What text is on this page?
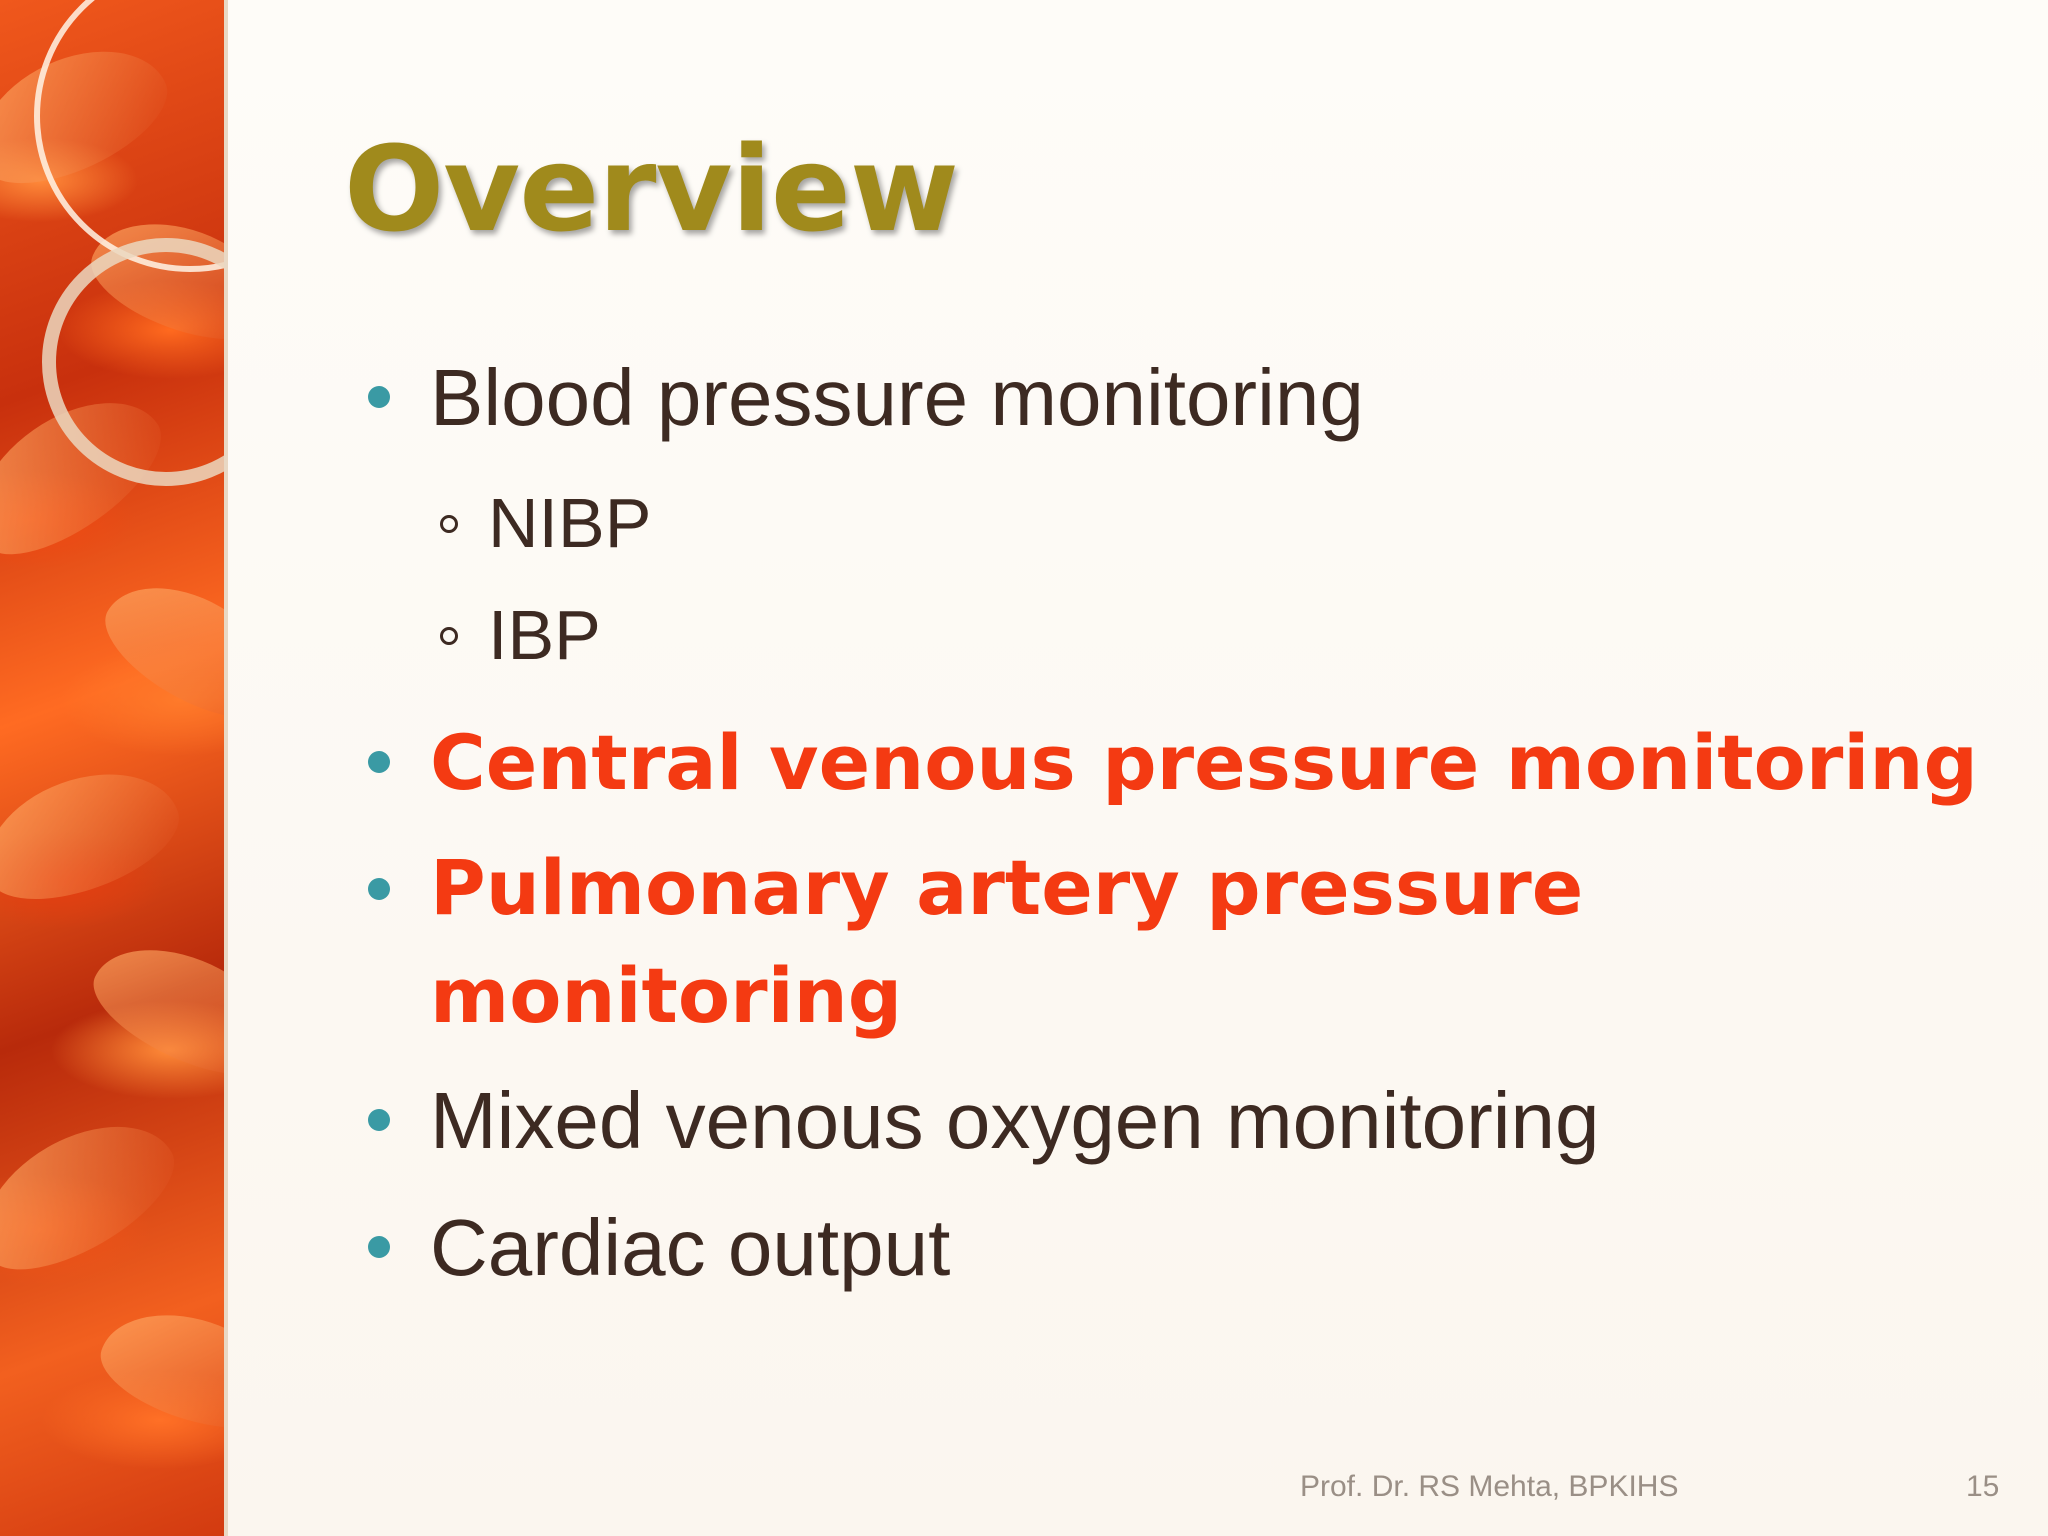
Overview
Blood pressure monitoring
NIBP
IBP
Central venous pressure monitoring
Pulmonary artery pressure monitoring
Mixed venous oxygen monitoring
Cardiac output
Prof. Dr. RS Mehta, BPKIHS	15
